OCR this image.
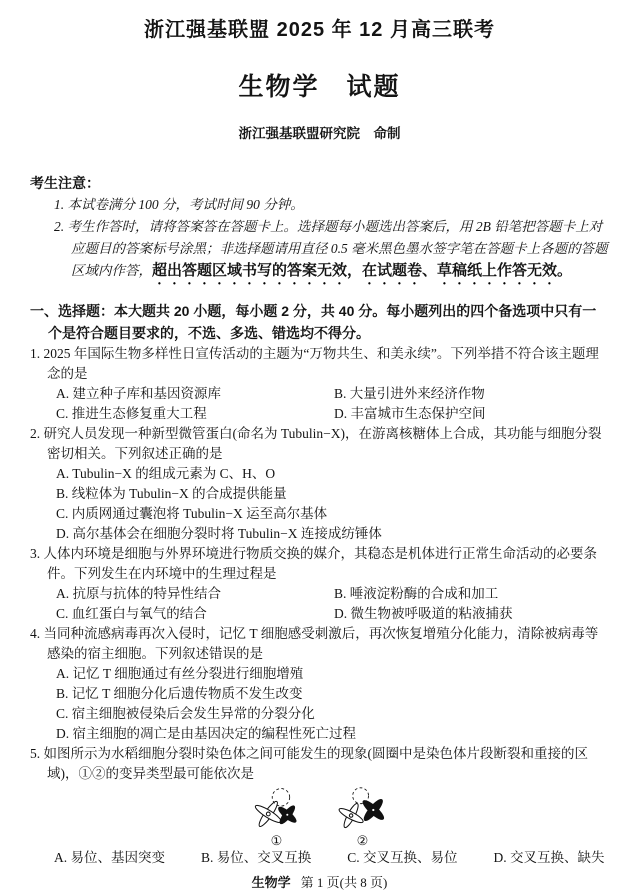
浙江强基联盟 2025 年 12 月高三联考
生物学　试题
浙江强基联盟研究院　命制
考生注意：
1. 本试卷满分 100 分，考试时间 90 分钟。
2. 考生作答时，请将答案答在答题卡上。选择题每小题选出答案后，用 2B 铅笔把答题卡上对应题目的答案标号涂黑；非选择题请用直径 0.5 毫米黑色墨水签字笔在答题卡上各题的答题区域内作答，超出答题区域书写的答案无效，在试题卷、草稿纸上作答无效。
一、选择题：本大题共 20 小题，每小题 2 分，共 40 分。每小题列出的四个备选项中只有一个是符合题目要求的，不选、多选、错选均不得分。
1. 2025 年国际生物多样性日宣传活动的主题为“万物共生、和美永续”。下列举措不符合该主题理念的是
A. 建立种子库和基因资源库	B. 大量引进外来经济作物
C. 推进生态修复重大工程	D. 丰富城市生态保护空间
2. 研究人员发现一种新型微管蛋白(命名为 Tubulin−X)，在游离核糖体上合成，其功能与细胞分裂密切相关。下列叙述正确的是
A. Tubulin−X 的组成元素为 C、H、O
B. 线粒体为 Tubulin−X 的合成提供能量
C. 内质网通过囊泡将 Tubulin−X 运至高尔基体
D. 高尔基体会在细胞分裂时将 Tubulin−X 连接成纺锤体
3. 人体内环境是细胞与外界环境进行物质交换的媒介，其稳态是机体进行正常生命活动的必要条件。下列发生在内环境中的生理过程是
A. 抗原与抗体的特异性结合	B. 唾液淀粉酶的合成和加工
C. 血红蛋白与氧气的结合	D. 微生物被呼吸道的粘液捕获
4. 当同种流感病毒再次入侵时，记忆 T 细胞感受刺激后，再次恢复增殖分化能力，清除被病毒等感染的宿主细胞。下列叙述错误的是
A. 记忆 T 细胞通过有丝分裂进行细胞增殖
B. 记忆 T 细胞分化后遗传物质不发生改变
C. 宿主细胞被侵染后会发生异常的分裂分化
D. 宿主细胞的凋亡是由基因决定的编程性死亡过程
5. 如图所示为水稻细胞分裂时染色体之间可能发生的现象(圆圈中是染色体片段断裂和重接的区域)，①②的变异类型最可能依次是
①	②
A. 易位、基因突变	B. 易位、交叉互换	C. 交叉互换、易位	D. 交叉互换、缺失
生物学 第 1 页(共 8 页)
